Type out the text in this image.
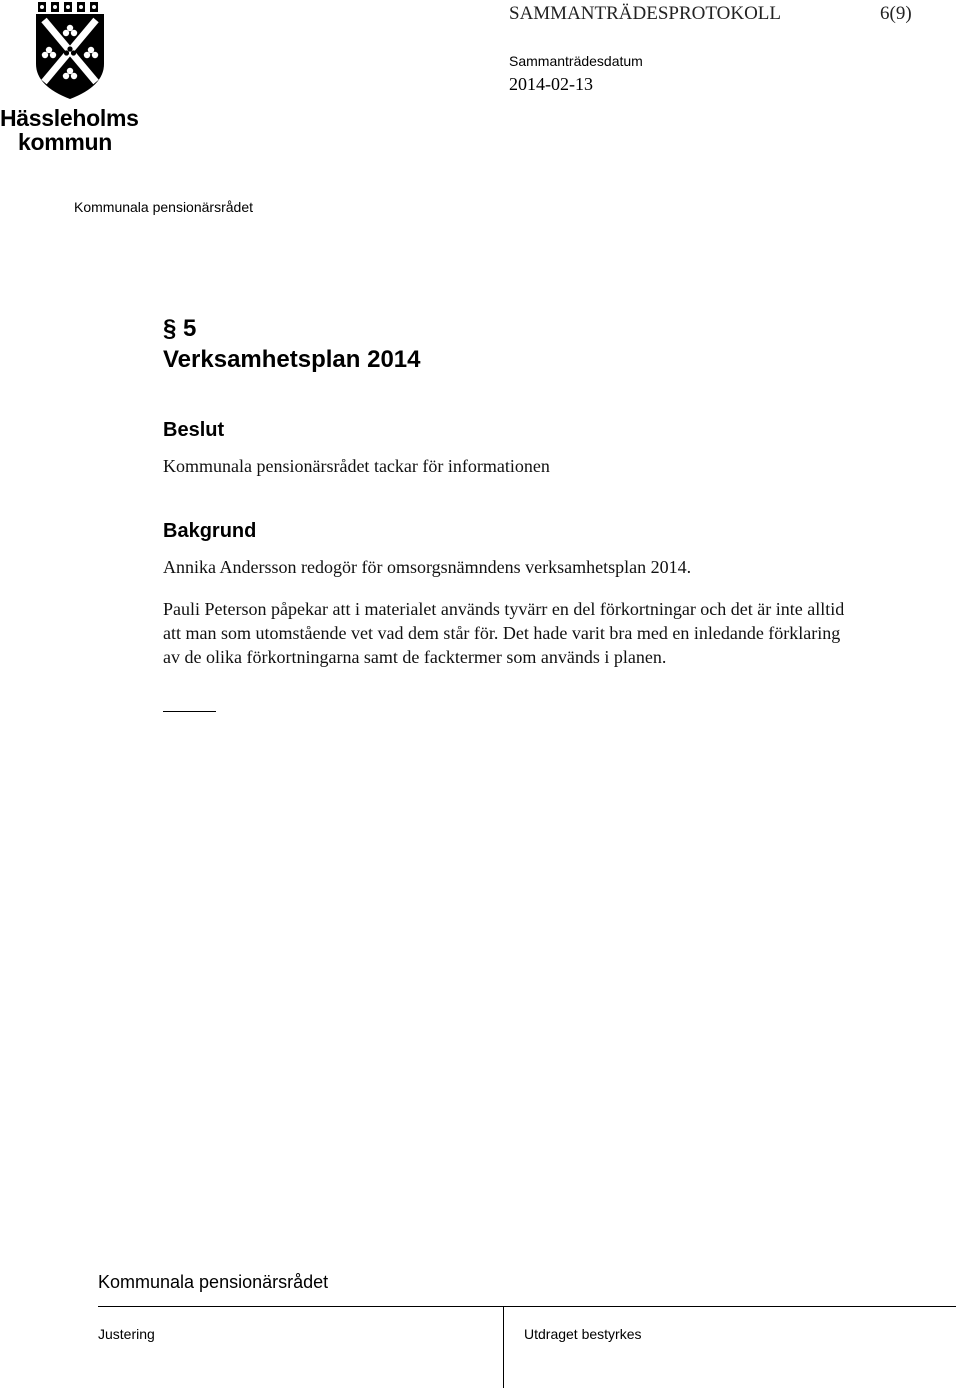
Hässleholms
kommun
SAMMANTRÄDESPROTOKOLL	6(9)
Sammanträdesdatum
2014-02-13
Kommunala pensionärsrådet
§ 5
Verksamhetsplan 2014
Beslut
Kommunala pensionärsrådet tackar för informationen
Bakgrund
Annika Andersson redogör för omsorgsnämndens verksamhetsplan 2014.
Pauli Peterson påpekar att i materialet används tyvärr en del förkortningar och det är inte alltid att man som utomstående vet vad dem står för. Det hade varit bra med en inledande förklaring av de olika förkortningarna samt de facktermer som används i planen.
Kommunala pensionärsrådet
Justering	Utdraget bestyrkes
